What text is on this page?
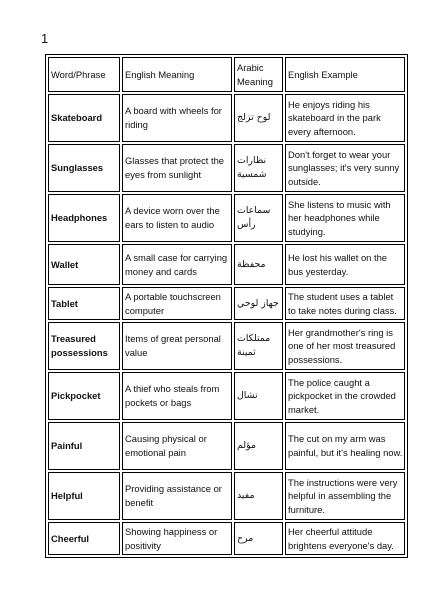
1
Word/Phrase	English Meaning	Arabic Meaning	English Example
Skateboard	A board with wheels for riding	لوح تزلج	He enjoys riding his skateboard in the park every afternoon.
Sunglasses	Glasses that protect the eyes from sunlight	نظارات شمسية	Don't forget to wear your sunglasses; it's very sunny outside.
Headphones	A device worn over the ears to listen to audio	سماعات رأس	She listens to music with her headphones while studying.
Wallet	A small case for carrying money and cards	محفظة	He lost his wallet on the bus yesterday.
Tablet	A portable touchscreen computer	جهاز لوحي	The student uses a tablet to take notes during class.
Treasured possessions	Items of great personal value	ممتلكات ثمينة	Her grandmother's ring is one of her most treasured possessions.
Pickpocket	A thief who steals from pockets or bags	نشال	The police caught a pickpocket in the crowded market.
Painful	Causing physical or emotional pain	مؤلم	The cut on my arm was painful, but it's healing now.
Helpful	Providing assistance or benefit	مفيد	The instructions were very helpful in assembling the furniture.
Cheerful	Showing happiness or positivity	مرح	Her cheerful attitude brightens everyone's day.
